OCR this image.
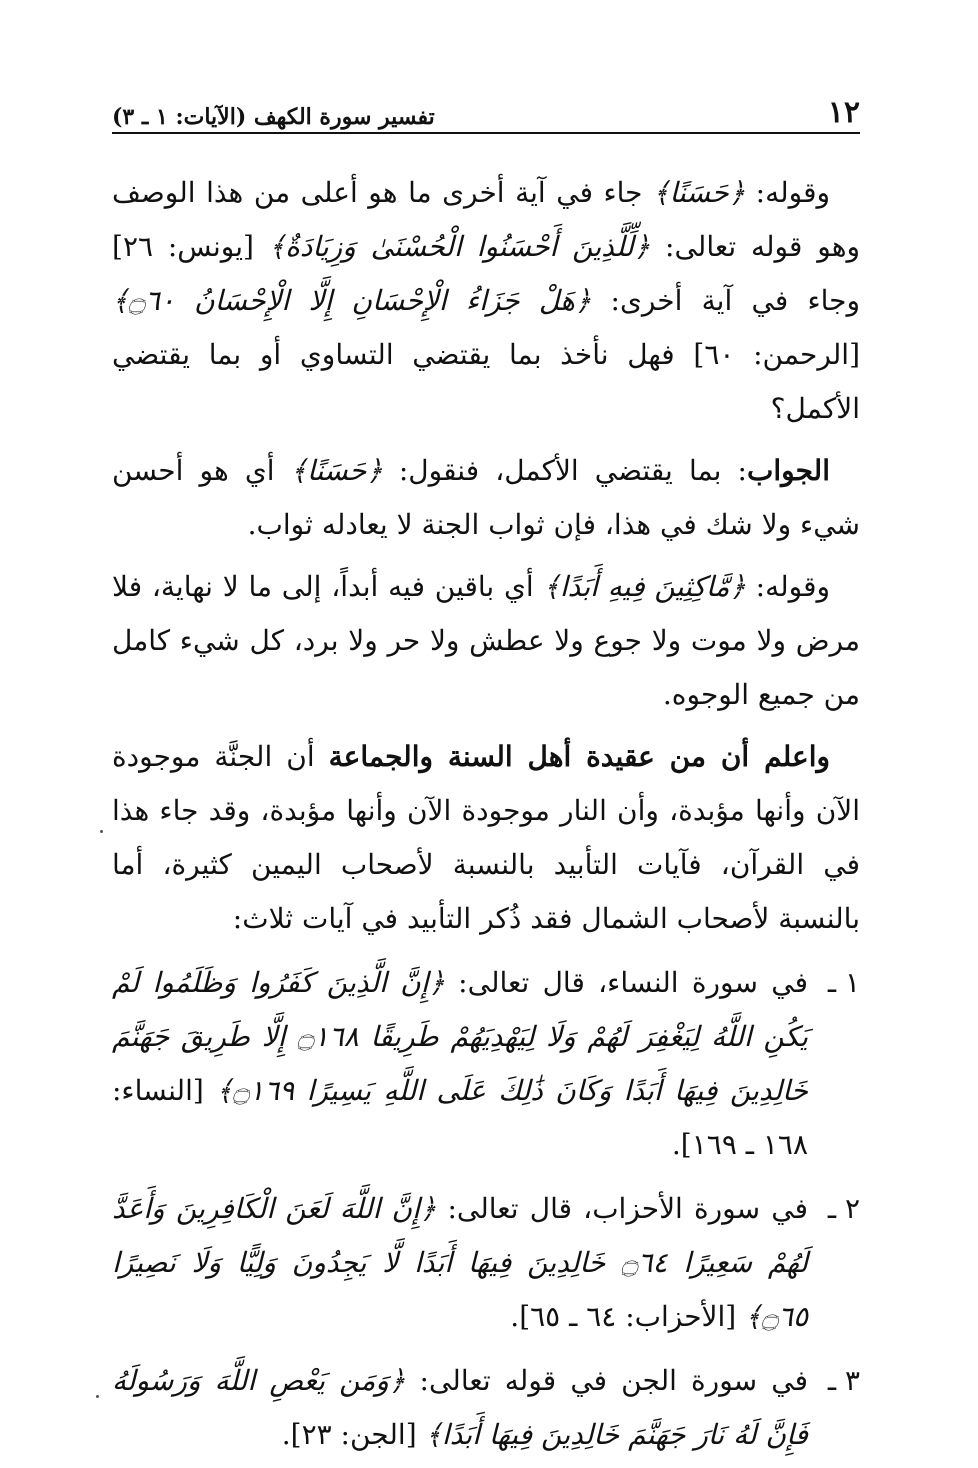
١٢
تفسير سورة الكهف (الآيات: ١ ـ ٣)

وقوله: ﴿حَسَنًا﴾ جاء في آية أخرى ما هو أعلى من هذا الوصف وهو قوله تعالى: ﴿لِّلَّذِينَ أَحْسَنُوا الْحُسْنَىٰ وَزِيَادَةٌ﴾ [يونس: ٢٦] وجاء في آية أخرى: ﴿هَلْ جَزَاءُ الْإِحْسَانِ إِلَّا الْإِحْسَانُ ۝٦٠﴾ [الرحمن: ٦٠] فهل نأخذ بما يقتضي التساوي أو بما يقتضي الأكمل؟

الجواب: بما يقتضي الأكمل، فنقول: ﴿حَسَنًا﴾ أي هو أحسن شيء ولا شك في هذا، فإن ثواب الجنة لا يعادله ثواب.

وقوله: ﴿مَّاكِثِينَ فِيهِ أَبَدًا﴾ أي باقين فيه أبداً، إلى ما لا نهاية، فلا مرض ولا موت ولا جوع ولا عطش ولا حر ولا برد، كل شيء كامل من جميع الوجوه.

واعلم أن من عقيدة أهل السنة والجماعة أن الجنَّة موجودة الآن وأنها مؤبدة، وأن النار موجودة الآن وأنها مؤبدة، وقد جاء هذا في القرآن، فآيات التأبيد بالنسبة لأصحاب اليمين كثيرة، أما بالنسبة لأصحاب الشمال فقد ذُكر التأبيد في آيات ثلاث:

١ ـ

في سورة النساء، قال تعالى: ﴿إِنَّ الَّذِينَ كَفَرُوا وَظَلَمُوا لَمْ يَكُنِ اللَّهُ لِيَغْفِرَ لَهُمْ وَلَا لِيَهْدِيَهُمْ طَرِيقًا ۝١٦٨ إِلَّا طَرِيقَ جَهَنَّمَ خَالِدِينَ فِيهَا أَبَدًا وَكَانَ ذَٰلِكَ عَلَى اللَّهِ يَسِيرًا ۝١٦٩﴾ [النساء: ١٦٨ ـ ١٦٩].

٢ ـ

في سورة الأحزاب، قال تعالى: ﴿إِنَّ اللَّهَ لَعَنَ الْكَافِرِينَ وَأَعَدَّ لَهُمْ سَعِيرًا ۝٦٤ خَالِدِينَ فِيهَا أَبَدًا لَّا يَجِدُونَ وَلِيًّا وَلَا نَصِيرًا ۝٦٥﴾ [الأحزاب: ٦٤ ـ ٦٥].

٣ ـ

في سورة الجن في قوله تعالى: ﴿وَمَن يَعْصِ اللَّهَ وَرَسُولَهُ فَإِنَّ لَهُ نَارَ جَهَنَّمَ خَالِدِينَ فِيهَا أَبَدًا﴾ [الجن: ٢٣].
